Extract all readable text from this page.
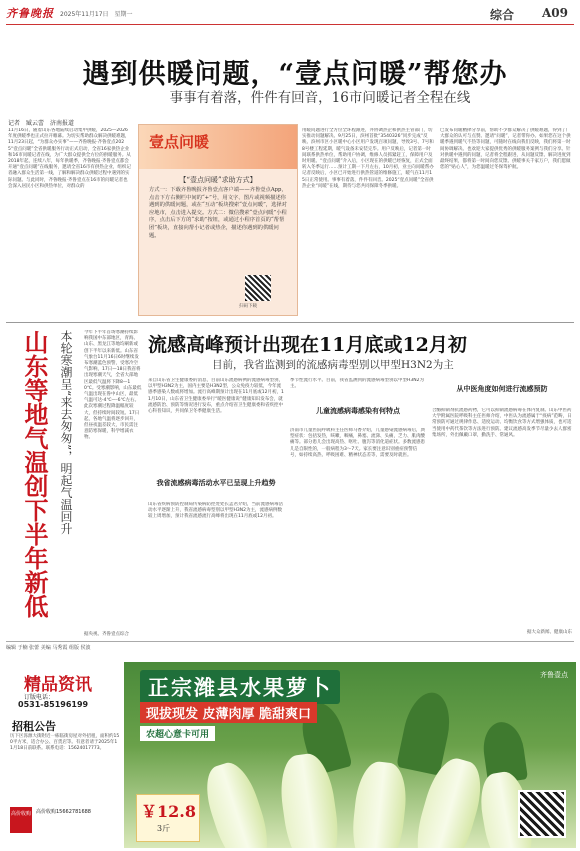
齐鲁晚报 2025年11月17日　星期一	综合 A09
遇到供暖问题，“壹点问暖”帮您办
事事有着落，件件有回音，16市问暖记者全程在线
记者　臧云蕾　济南报道
11月16日，随着山东各地陆续启动集中供暖，2025—2026年度供暖季也正式拉开帷幕。为切实帮助群众解决供暖难题，11月23日起，“为群众办实事”——齐鲁晚报·齐鲁壹点2025“壹点问暖”全省供暖服务行动正式启动，全省16家供热企业和16市问暖记者在线，为广大群众提供全方位的供暖服务。从2018年起，连续八年，每年供暖季，齐鲁晚报·齐鲁壹点都会开通“壹点问暖”在线服务，邀请全省16市有供热企业，组织记者融入群众生活第一线，了解和解决群众供暖过程中遇到的实际问题。与此同时，齐鲁晚报·齐鲁壹点在16市的问暖记者也会深入居民小区和供热单位，对群众的
壹点问暖
【“壹点问暖”求助方式】
方式一：下载齐鲁晚报齐鲁壹点客户端——齐鲁壹点App，点击下方右侧栏中间的“+”号，用文字、图片或视频描述你遇到的供暖问题，或在“互动”板块搜索“壹点问暖”，选择对应地市，点击进入提交。方式二：微信搜索“壹点问暖”小程序，点击后下方的“求助”按钮，或通过小程序首页的“帮帮团”板块，直接向帮小记者或热企，描述你遇到的供暖问题。
扫码下载
用暖问题进行全方位全环程跟进，并协调热企和供热主管部门，切实推动问题解决。9月25日，滨州首批“3540326”同步完成“反映、滨州市区小区暖中心小区用户发现百项问题，导致3号、7号和8号楼工程延期，暖气设备未安装完毕。用户反映后，记者第一时间联系供热单位，帮助用户协调，维修人员抓紧赶工，保障用户及时用暖。“壹点问暖”介入后，小区现在的供暖已经恢复，正式全面转入冬季运行……预计工期一下月左右，10月初，业主向问暖帮办记者反映后，小区已开始进行供热管道的维修施工，暖气在11月15日正常使用。事事有着落，件件有回音。2025“壹点问暖”全省供热企业“问暖”在线，期待与您共同保障冬季供暖。
已发布问暖精择分享前，帮助不少群众解决了供暖难题，得到了广大群众的认可与点赞。邀请“问暖”，记者带你办。如果您在这个供暖季遇到暖气不热等问题，可随时在线向我们反映，我们将第一时间协调解决。也欢迎大家提供优秀的供暖服务案例与我们分享。针对供暖中遇到的问题，记者将全程跟进，从问题反馈、解决进度到最终结果，都将第一时间向您反馈。供暖事关千家万户，我们愿做您的“贴心人”，为您温暖过冬保驾护航。
山东等地气温创下半年新低 本轮寒潮呈“来去匆匆”，明起气温回升 今年下半年首场寒潮持续影响我国中东部地区，青海、山东、黑龙江等地均刷新或创下半年以来新低。山东省气象台11月16日6时继续发布寒潮蓝色预警，受寒冷空气影响，17日—18日我省将出现寒潮天气，全省大部地区最低气温将下降8—10℃。受寒潮影响，山东最低气温出现在鲁中山区，最低气温可达-4℃—-6℃左右。此次寒潮过程降温幅度较大，但持续时间较短。17日起，各地气温将逐步回升，但昼夜温差较大，市民需注意防寒保暖，科学增减衣物。
据央视、齐鲁壹点综合
流感高峰预计出现在11月底或12月初
目前，我省监测到的流感病毒型别以甲型H3N2为主
来自山东省卫生健康委的消息，目前山东流感病例的流感病毒型别，以甲型H3N2为主，国内主要是H3N2型，公众免疫力较低，今年流感季感染人数或将增加。流行高峰期预计出现在11月底或12月初，11月10日，山东省卫生健康委举行“暖医健康说”健康知识发布会，就流感防治、预防等情况进行发布，重点介绍省卫生健康委和省疾控中心科普知识，共同保卫冬季健康生活。
我省流感病毒活动水平已呈现上升趋势
山东省疾病预防控制局传染病防控处处长孟君介绍，当前流感病毒活动水平逐渐上升，我省流感病毒型别以甲型H3N2为主，流感病例数较上周增加，预计我省流感流行高峰将出现在11月底或12月初。
季节性流行水平。目前，我省监测到的流感病毒型别以甲型H3N2为主。
儿童流感病毒感染有何特点
济南市儿童医院呼吸科主任医师马香介绍，儿童感染流感病毒后，典型症状：包括发热，咳嗽，咽痛，鼻塞、流涕、头痛，乏力、肌肉酸痛等。部分患儿会出现高热、呕吐、腹泻等消化道症状。多数流感患儿是自限性的，一般病程为3～7天。家长要注意识别重症预警信号，如持续高热、呼吸困难、精神状态差等，需要及时就医。
从中医角度如何进行流感预防
合酶抑制剂抗流感药物，它可以抑制流感病毒在体内复制。山东中医药大学附属医院呼吸科主任医师介绍，中医认为流感属于“疫病”范畴，日常预防可通过规律作息、适度运动、均衡饮食等方式增强体质，也可适当使用中药代茶饮等方法进行预防。建议流感高发季节尽量少去人群密集场所，外出佩戴口罩，勤洗手、常通风。
据大众新闻、健康山东
编辑 于楠 张蕾 美编 马秀霞 组版 侯波
精品资讯
订版电话：
0531-85196199
招租公告
历下区泺源大街附近一栋临街房屋对外招租，面积约150平方米，适合办公、百货店等。有意者请于2025年11月18日前联系。联系电话：15624017773。
高价收购 高价收购15662781688
正宗潍县水果萝卜
现拔现发 皮薄肉厚 脆甜爽口
农超心意卡可用
￥12.8
3斤
齐鲁壹点
